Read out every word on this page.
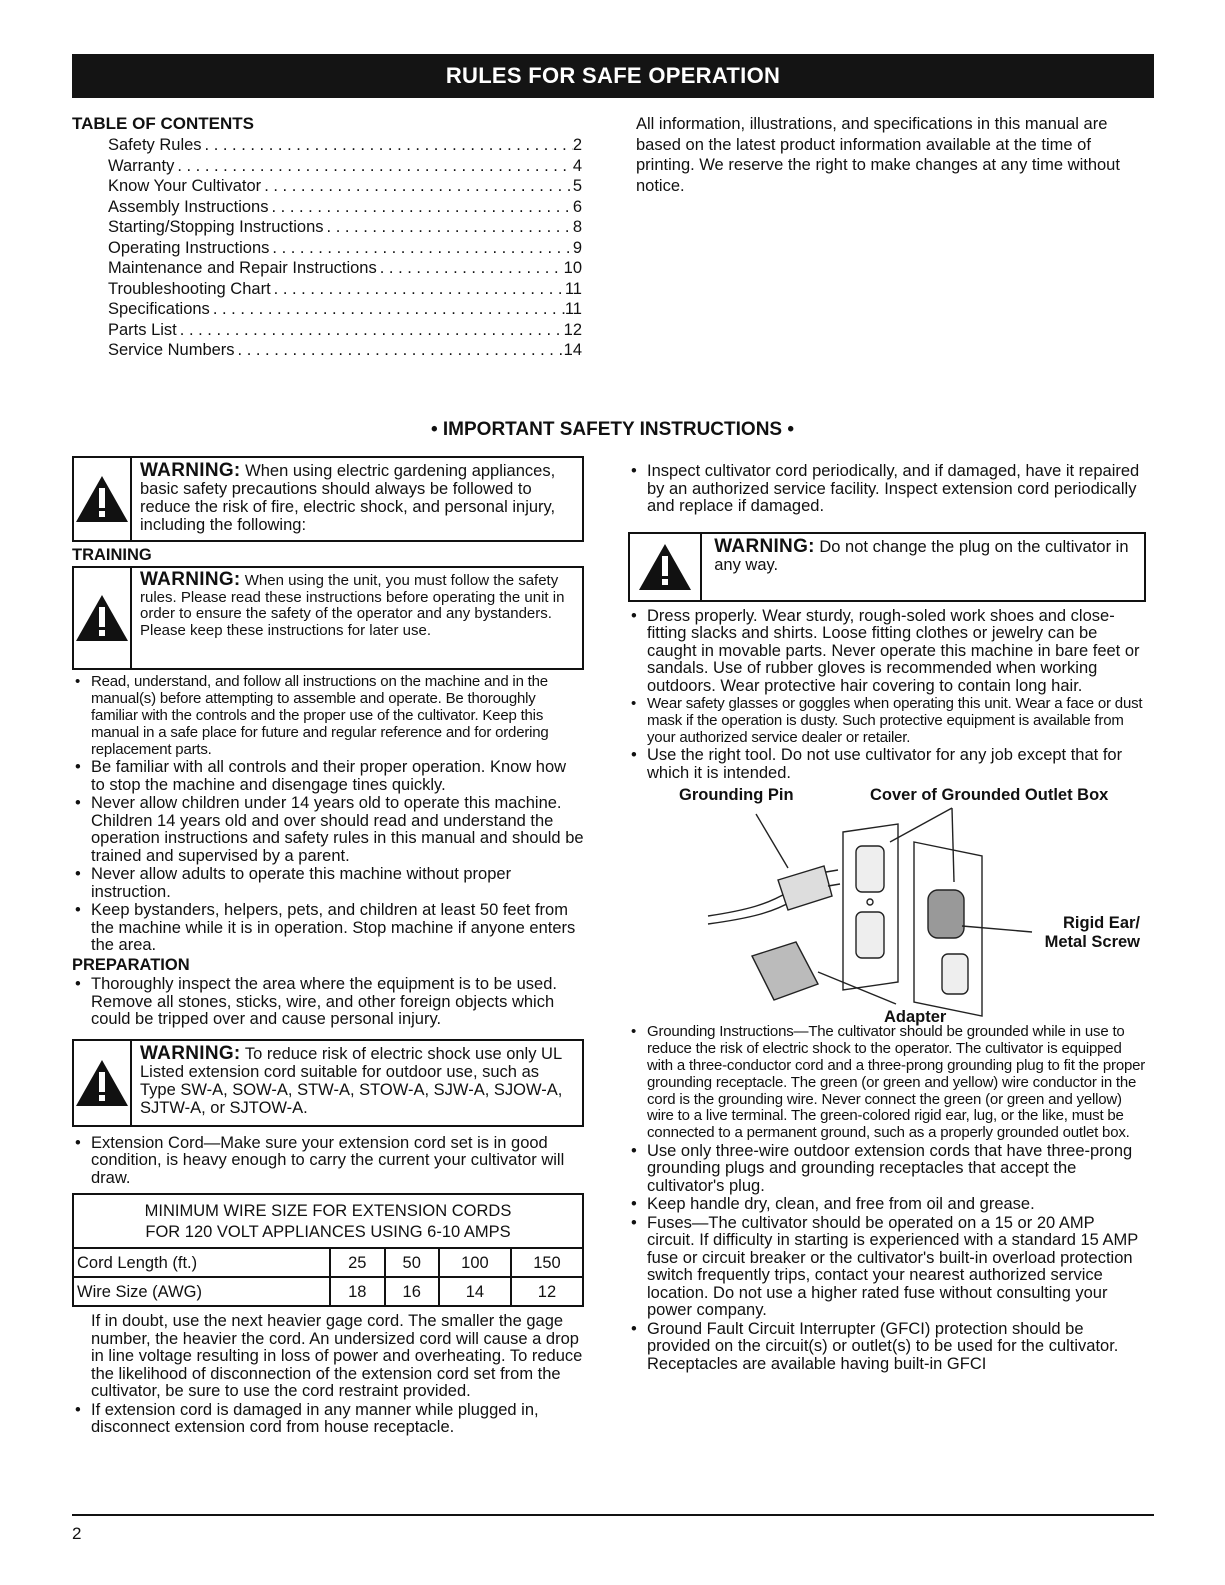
RULES FOR SAFE OPERATION
TABLE OF CONTENTS
Safety Rules . . .	2
Warranty . . .	4
Know Your Cultivator . . .	5
Assembly Instructions . . .	6
Starting/Stopping Instructions . . .	8
Operating Instructions . . .	9
Maintenance and Repair Instructions . . .	10
Troubleshooting Chart . . .	11
Specifications . . .	11
Parts List . . .	12
Service Numbers . . .	14
All information, illustrations, and specifications in this manual are based on the latest product information available at the time of printing. We reserve the right to make changes at any time without notice.
• IMPORTANT SAFETY INSTRUCTIONS •
WARNING: When using electric gardening appliances, basic safety precautions should always be followed to reduce the risk of fire, electric shock, and personal injury, including the following:
TRAINING
WARNING: When using the unit, you must follow the safety rules. Please read these instructions before operating the unit in order to ensure the safety of the operator and any bystanders. Please keep these instructions for later use.
• Read, understand, and follow all instructions on the machine and in the manual(s) before attempting to assemble and operate. Be thoroughly familiar with the controls and the proper use of the cultivator. Keep this manual in a safe place for future and regular reference and for ordering replacement parts.
• Be familiar with all controls and their proper operation. Know how to stop the machine and disengage tines quickly.
• Never allow children under 14 years old to operate this machine. Children 14 years old and over should read and understand the operation instructions and safety rules in this manual and should be trained and supervised by a parent.
• Never allow adults to operate this machine without proper instruction.
• Keep bystanders, helpers, pets, and children at least 50 feet from the machine while it is in operation. Stop machine if anyone enters the area.
PREPARATION
• Thoroughly inspect the area where the equipment is to be used. Remove all stones, sticks, wire, and other foreign objects which could be tripped over and cause personal injury.
WARNING: To reduce risk of electric shock use only UL Listed extension cord suitable for outdoor use, such as Type SW-A, SOW-A, STW-A, STOW-A, SJW-A, SJOW-A, SJTW-A, or SJTOW-A.
• Extension Cord—Make sure your extension cord set is in good condition, is heavy enough to carry the current your cultivator will draw.
MINIMUM WIRE SIZE FOR EXTENSION CORDS
FOR 120 VOLT APPLIANCES USING 6-10 AMPS				
Cord Length (ft.)	25	50	100	150
Wire Size (AWG)	18	16	14	12
If in doubt, use the next heavier gage cord. The smaller the gage number, the heavier the cord. An undersized cord will cause a drop in line voltage resulting in loss of power and overheating. To reduce the likelihood of disconnection of the extension cord set from the cultivator, be sure to use the cord restraint provided.
• If extension cord is damaged in any manner while plugged in, disconnect extension cord from house receptacle.
• Inspect cultivator cord periodically, and if damaged, have it repaired by an authorized service facility. Inspect extension cord periodically and replace if damaged.
WARNING: Do not change the plug on the cultivator in any way.
• Dress properly. Wear sturdy, rough-soled work shoes and close-fitting slacks and shirts. Loose fitting clothes or jewelry can be caught in movable parts. Never operate this machine in bare feet or sandals. Use of rubber gloves is recommended when working outdoors. Wear protective hair covering to contain long hair.
• Wear safety glasses or goggles when operating this unit. Wear a face or dust mask if the operation is dusty. Such protective equipment is available from your authorized service dealer or retailer.
• Use the right tool. Do not use cultivator for any job except that for which it is intended.
Grounding Pin	Cover of Grounded Outlet Box
Rigid Ear/
Metal Screw
Adapter
• Grounding Instructions—The cultivator should be grounded while in use to reduce the risk of electric shock to the operator. The cultivator is equipped with a three-conductor cord and a three-prong grounding plug to fit the proper grounding receptacle. The green (or green and yellow) wire conductor in the cord is the grounding wire. Never connect the green (or green and yellow) wire to a live terminal. The green-colored rigid ear, lug, or the like, must be connected to a permanent ground, such as a properly grounded outlet box.
• Use only three-wire outdoor extension cords that have three-prong grounding plugs and grounding receptacles that accept the cultivator's plug.
• Keep handle dry, clean, and free from oil and grease.
• Fuses—The cultivator should be operated on a 15 or 20 AMP circuit. If difficulty in starting is experienced with a standard 15 AMP fuse or circuit breaker or the cultivator's built-in overload protection switch frequently trips, contact your nearest authorized service location. Do not use a higher rated fuse without consulting your power company.
• Ground Fault Circuit Interrupter (GFCI) protection should be provided on the circuit(s) or outlet(s) to be used for the cultivator. Receptacles are available having built-in GFCI
2
